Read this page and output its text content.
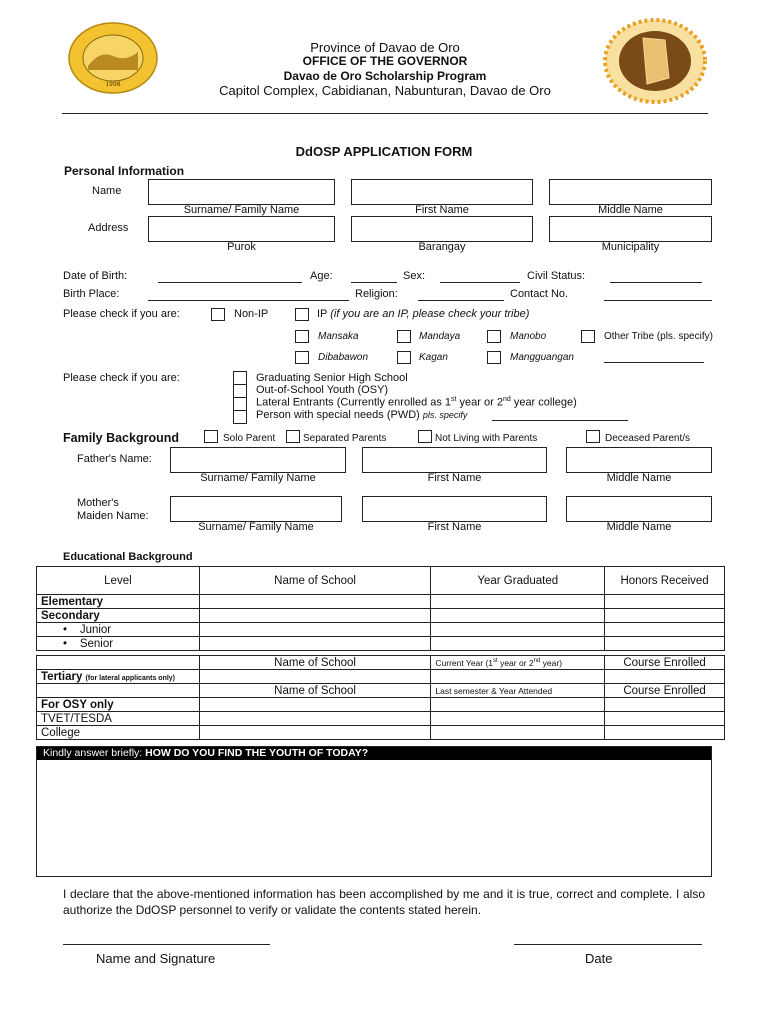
1998
Province of Davao de Oro
OFFICE OF THE GOVERNOR
Davao de Oro Scholarship Program
Capitol Complex, Cabidianan, Nabunturan, Davao de Oro
DdOSP APPLICATION FORM
Personal Information
Name
Surname/ Family Name	First Name	Middle Name
Address
Purok	Barangay	Municipality
Date of Birth:	Age:	Sex:	Civil Status:
Birth Place:	Religion:	Contact No.
Please check if you are:	Non-IP	IP (if you are an IP, please check your tribe)
Mansaka	Mandaya	Manobo	Other Tribe (pls. specify)
Dibabawon	Kagan	Mangguangan
Please check if you are:	Graduating Senior High School
Out-of-School Youth (OSY)
Lateral Entrants (Currently enrolled as 1st year or 2nd year college)
Person with special needs (PWD) pls. specify
Family Background	Solo Parent	Separated Parents	Not Living with Parents	Deceased Parent/s
Father's Name:
Surname/ Family Name	First Name	Middle Name
Mother's
Maiden Name:
Surname/ Family Name	First Name	Middle Name
Educational Background
Level	Name of School	Year Graduated	Honors Received
Elementary			
Secondary			
•    Junior			
•    Senior			

	Name of School	Current Year (1st year or 2nd year)	Course Enrolled
Tertiary (for lateral applicants only)			
	Name of School	Last semester & Year Attended	Course Enrolled
For OSY only			
TVET/TESDA			
College			
Kindly answer briefly: HOW DO YOU FIND THE YOUTH OF TODAY?
I declare that the above-mentioned information has been accomplished by me and it is true, correct and complete. I also authorize the DdOSP personnel to verify or validate the contents stated herein.
Name and Signature	Date
